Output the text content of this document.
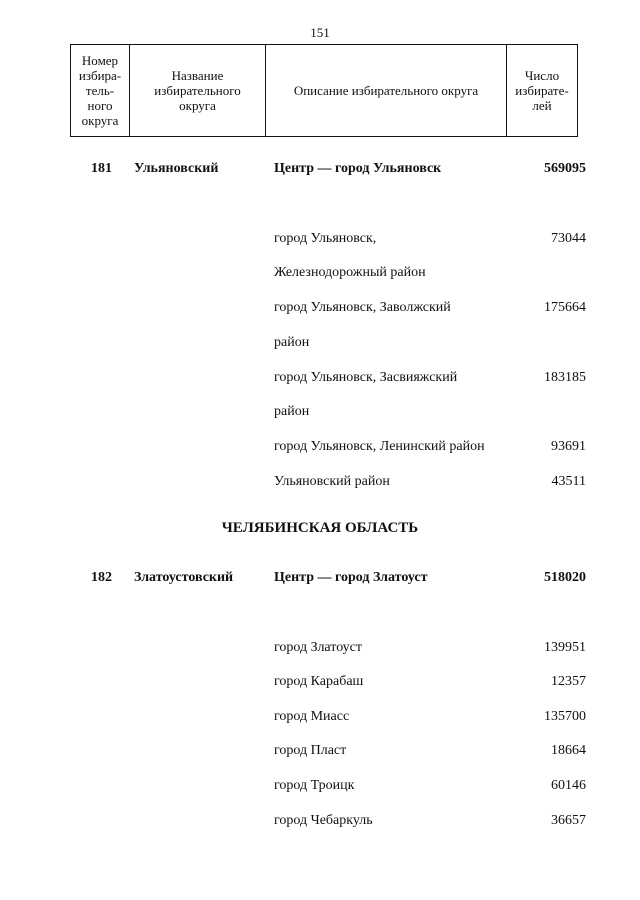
151
Номер
избира-
тель-
ного
округа

Название
избирательного
округа

Описание избирательного округа

Число
избирате-
лей
181 Ульяновский	Центр — город Ульяновск	569095
город Ульяновск,	73044
Железнодорожный район
город Ульяновск, Заволжский	175664
район
город Ульяновск, Засвияжский	183185
район
город Ульяновск, Ленинский район	93691
Ульяновский район	43511
ЧЕЛЯБИНСКАЯ ОБЛАСТЬ
182 Златоустовский	Центр — город Златоуст	518020
город Златоуст	139951
город Карабаш	12357
город Миасс	135700
город Пласт	18664
город Троицк	60146
город Чебаркуль	36657
